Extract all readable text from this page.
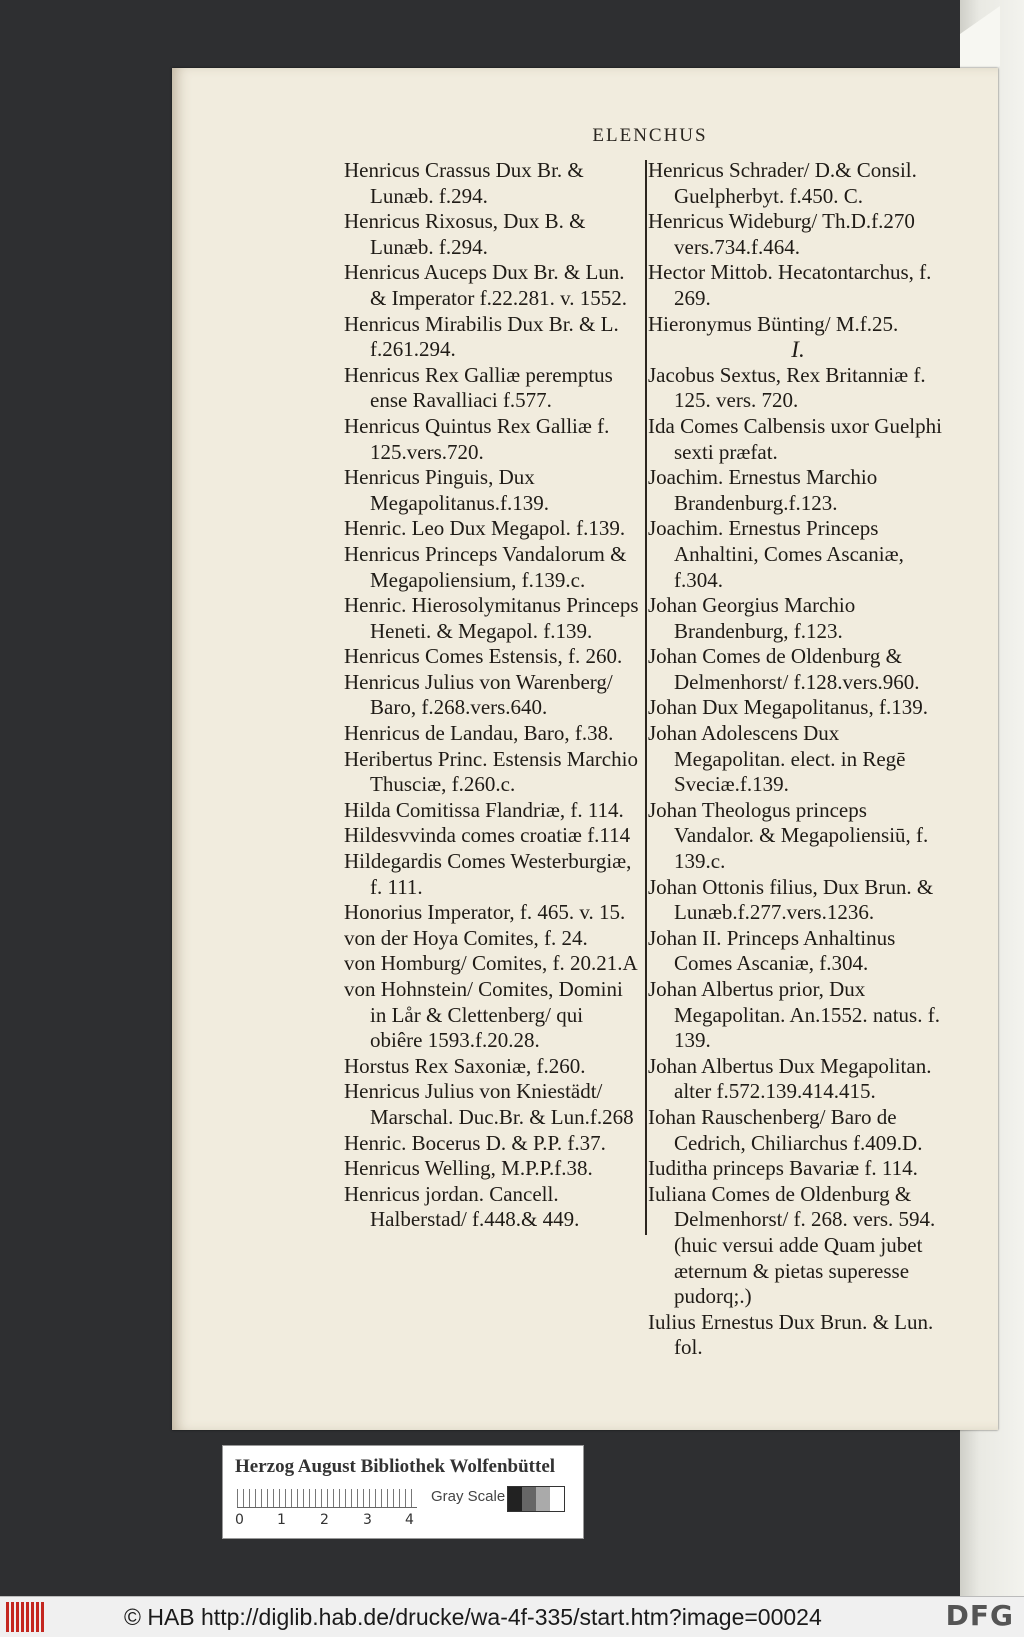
ELENCHUS
Henricus Crassus Dux Br. & Lunæb. f.294.
Henricus Rixosus, Dux B. & Lunæb. f.294.
Henricus Auceps Dux Br. & Lun. & Imperator f.22.281. v. 1552.
Henricus Mirabilis Dux Br. & L. f.261.294.
Henricus Rex Galliæ peremptus ense Ravalliaci f.577.
Henricus Quintus Rex Galliæ f. 125.vers.720.
Henricus Pinguis, Dux Megapolitanus.f.139.
Henric. Leo Dux Megapol. f.139.
Henricus Princeps Vandalorum & Megapoliensium, f.139.c.
Henric. Hierosolymitanus Princeps Heneti. & Megapol. f.139.
Henricus Comes Estensis, f. 260.
Henricus Julius von Warenberg/ Baro, f.268.vers.640.
Henricus de Landau, Baro, f.38.
Heribertus Princ. Estensis Marchio Thusciæ, f.260.c.
Hilda Comitissa Flandriæ, f. 114.
Hildesvvinda comes croatiæ f.114
Hildegardis Comes Westerburgiæ, f. 111.
Honorius Imperator, f. 465. v. 15.
von der Hoya Comites, f. 24.
von Homburg/ Comites, f. 20.21.A
von Hohnstein/ Comites, Domini in Lår & Clettenberg/ qui obiêre 1593.f.20.28.
Horstus Rex Saxoniæ, f.260.
Henricus Julius von Kniestädt/ Marschal. Duc.Br. & Lun.f.268
Henric. Bocerus D. & P.P. f.37.
Henricus Welling, M.P.P.f.38.
Henricus jordan. Cancell. Halberstad/ f.448.& 449.
Henricus Schrader/ D.& Consil. Guelpherbyt. f.450. C.
Henricus Wideburg/ Th.D.f.270 vers.734.f.464.
Hector Mittob. Hecatontarchus, f. 269.
Hieronymus Bünting/ M.f.25.
I.
Jacobus Sextus, Rex Britanniæ f. 125. vers. 720.
Ida Comes Calbensis uxor Guelphi sexti præfat.
Joachim. Ernestus Marchio Brandenburg.f.123.
Joachim. Ernestus Princeps Anhaltini, Comes Ascaniæ, f.304.
Johan Georgius Marchio Brandenburg, f.123.
Johan Comes de Oldenburg & Delmenhorst/ f.128.vers.960.
Johan Dux Megapolitanus, f.139.
Johan Adolescens Dux Megapolitan. elect. in Regē Sveciæ.f.139.
Johan Theologus princeps Vandalor. & Megapoliensiū, f. 139.c.
Johan Ottonis filius, Dux Brun. & Lunæb.f.277.vers.1236.
Johan II. Princeps Anhaltinus Comes Ascaniæ, f.304.
Johan Albertus prior, Dux Megapolitan. An.1552. natus. f. 139.
Johan Albertus Dux Megapolitan. alter f.572.139.414.415.
Iohan Rauschenberg/ Baro de Cedrich, Chiliarchus f.409.D.
Iuditha princeps Bavariæ f. 114.
Iuliana Comes de Oldenburg & Delmenhorst/ f. 268. vers. 594. (huic versui adde Quam jubet æternum & pietas superesse pudorq;.)
Iulius Ernestus Dux Brun. & Lun. fol.
Herzog August Bibliothek Wolfenbüttel
0 1 2 3 4
Gray Scale
© HAB http://diglib.hab.de/drucke/wa-4f-335/start.htm?image=00024	DFG
